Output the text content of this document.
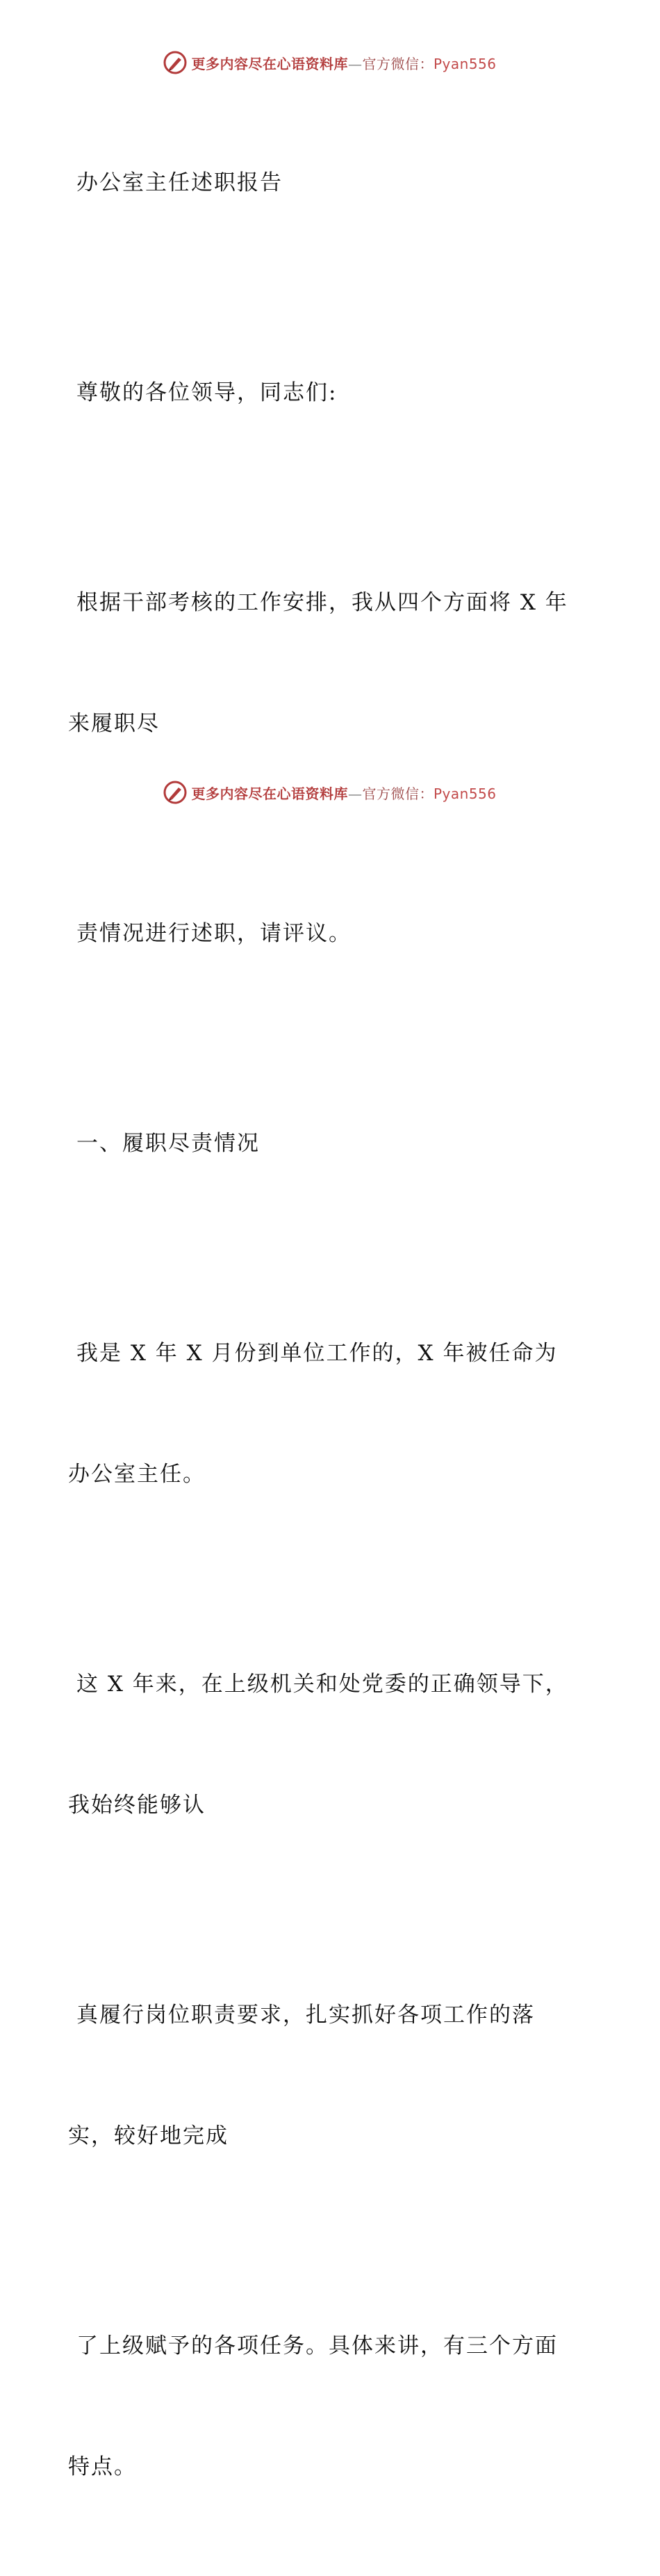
更多内容尽在心语资料库—官方微信：Pyan556

办公室主任述职报告

尊敬的各位领导，同志们:

根据干部考核的工作安排，我从四个方面将 X 年

来履职尽

责情况进行述职，请评议。

一、履职尽责情况

我是 X 年 X 月份到单位工作的，X 年被任命为

办公室主任。

这 X 年来，在上级机关和处党委的正确领导下，

我始终能够认

真履行岗位职责要求，扎实抓好各项工作的落

实，较好地完成

了上级赋予的各项任务。具体来讲，有三个方面

特点。

更多内容尽在心语资料库—官方微信：Pyan556
